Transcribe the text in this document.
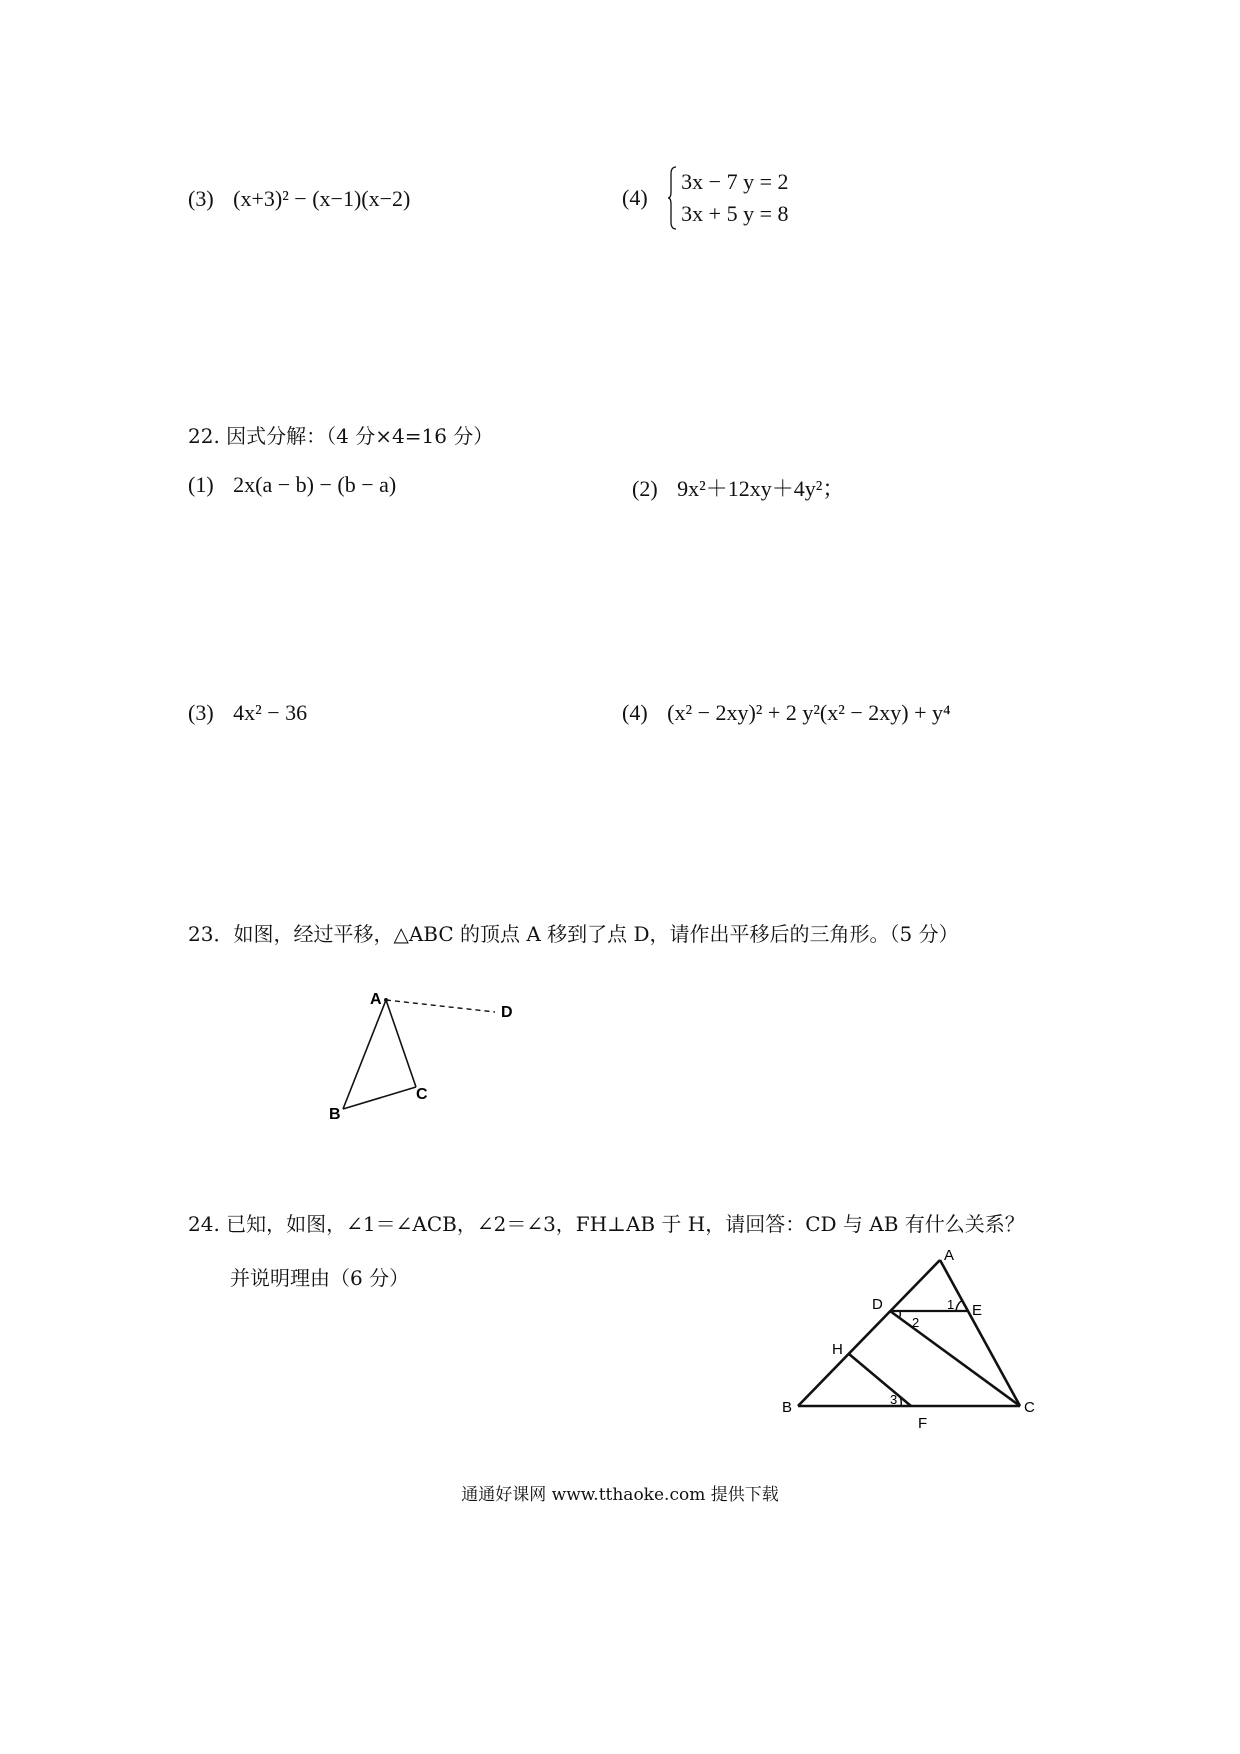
(3) (x+3)² − (x−1)(x−2)	(4)
3x − 7 y = 2
3x + 5 y = 8
22. 因式分解：（4 分×4=16 分）
(1) 2x(a − b) − (b − a)	(2) 9x²＋12xy＋4y²；
(3) 4x² − 36	(4) (x² − 2xy)² + 2 y²(x² − 2xy) + y⁴
23．如图，经过平移，△ABC 的顶点 A 移到了点 D，请作出平移后的三角形。（5 分）
A
B
C
D
24. 已知，如图，∠1＝∠ACB，∠2＝∠3，FH⊥AB 于 H，请回答：CD 与 AB 有什么关系？
并说明理由（6 分）
A
B	C
D	E
F
H
1
2
3
通通好课网 www.tthaoke.com 提供下载
